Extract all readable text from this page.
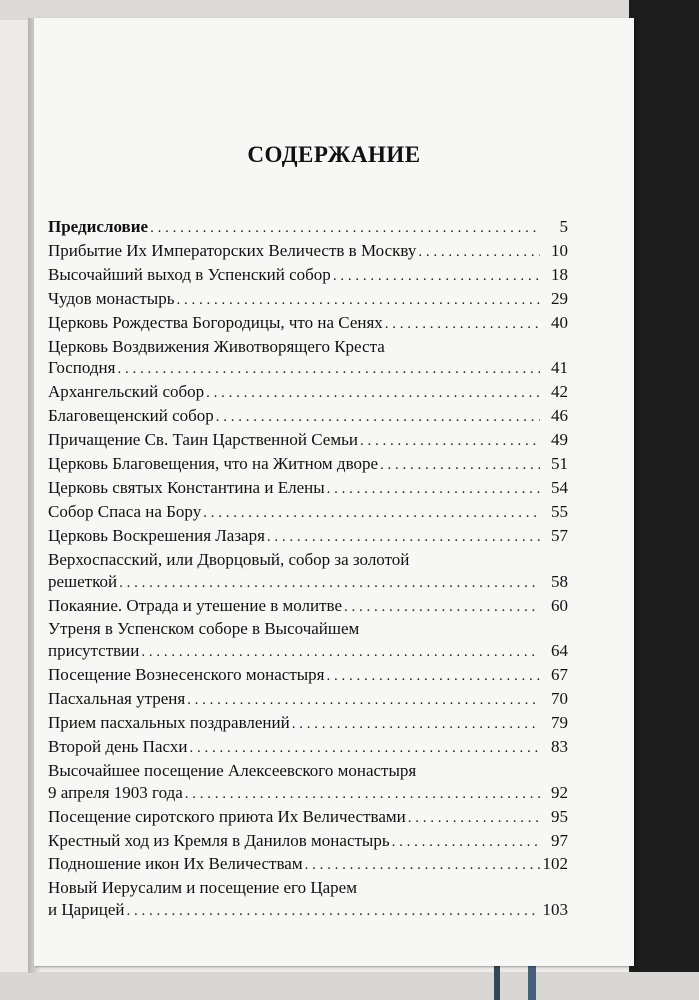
СОДЕРЖАНИЕ
Предисловие . . .	5
Прибытие Их Императорских Величеств в Москву . . .	10
Высочайший выход в Успенский собор . . .	18
Чудов монастырь . . .	29
Церковь Рождества Богородицы, что на Сенях . . .	40
Церковь Воздвижения Животворящего Креста
Господня . . .	41
Архангельский собор . . .	42
Благовещенский собор . . .	46
Причащение Св. Таин Царственной Семьи . . .	49
Церковь Благовещения, что на Житном дворе . . .	51
Церковь святых Константина и Елены . . .	54
Собор Спаса на Бору . . .	55
Церковь Воскрешения Лазаря . . .	57
Верхоспасский, или Дворцовый, собор за золотой
решеткой . . .	58
Покаяние. Отрада и утешение в молитве . . .	60
Утреня в Успенском соборе в Высочайшем
присутствии . . .	64
Посещение Вознесенского монастыря . . .	67
Пасхальная утреня . . .	70
Прием пасхальных поздравлений . . .	79
Второй день Пасхи . . .	83
Высочайшее посещение Алексеевского монастыря
9 апреля 1903 года . . .	92
Посещение сиротского приюта Их Величествами . . .	95
Крестный ход из Кремля в Данилов монастырь . . .	97
Подношение икон Их Величествам . . .	102
Новый Иерусалим и посещение его Царем
и Царицей . . .	103
